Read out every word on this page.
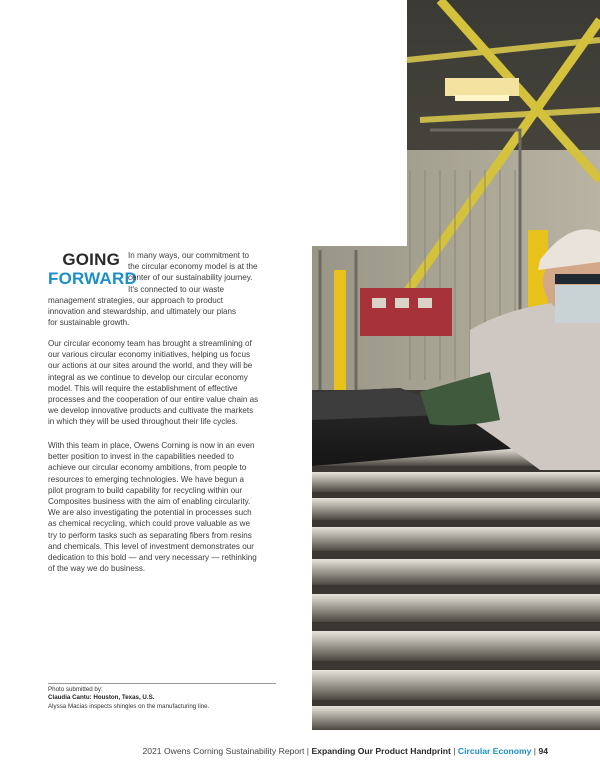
GOING
FORWARD
In many ways, our commitment to
the circular economy model is at the
center of our sustainability journey.
It's connected to our waste
management strategies, our approach to product
innovation and stewardship, and ultimately our plans
for sustainable growth.
Our circular economy team has brought a streamlining of
our various circular economy initiatives, helping us focus
our actions at our sites around the world, and they will be
integral as we continue to develop our circular economy
model. This will require the establishment of effective
processes and the cooperation of our entire value chain as
we develop innovative products and cultivate the markets
in which they will be used throughout their life cycles.
With this team in place, Owens Corning is now in an even
better position to invest in the capabilities needed to
achieve our circular economy ambitions, from people to
resources to emerging technologies. We have begun a
pilot program to build capability for recycling within our
Composites business with the aim of enabling circularity.
We are also investigating the potential in processes such
as chemical recycling, which could prove valuable as we
try to perform tasks such as separating fibers from resins
and chemicals. This level of investment demonstrates our
dedication to this bold — and very necessary — rethinking
of the way we do business.
Photo submitted by:
Claudia Cantu: Houston, Texas, U.S.
Alyssa Macias inspects shingles on the manufacturing line.
2021 Owens Corning Sustainability Report | Expanding Our Product Handprint | Circular Economy | 94
